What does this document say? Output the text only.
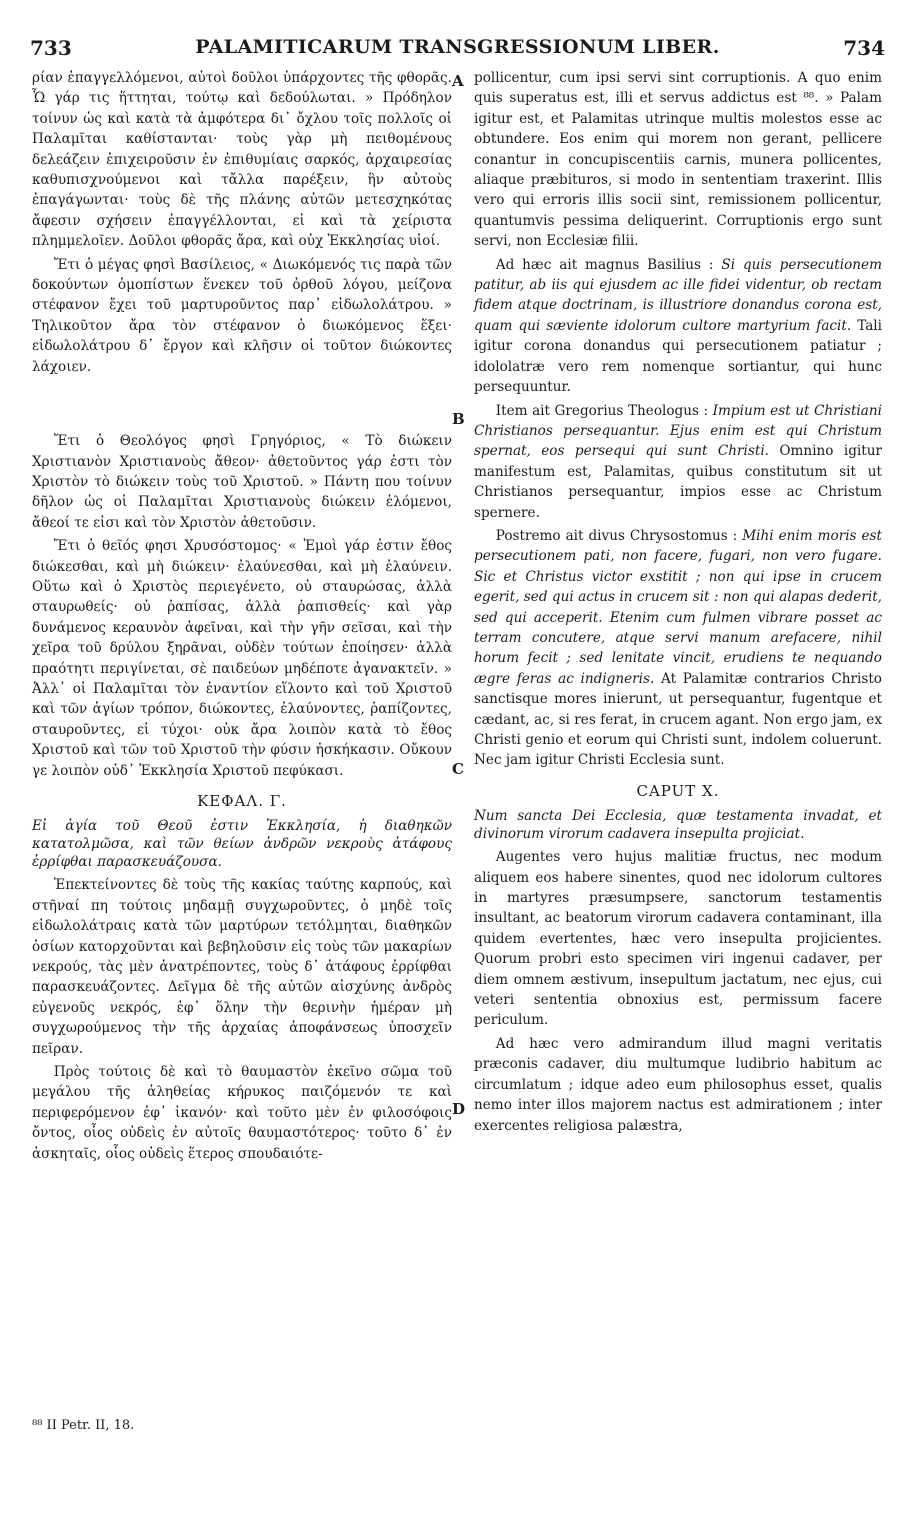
733	PALAMITICARUM TRANSGRESSIONUM LIBER.	734
A
B
C
D

ρίαν ἐπαγγελλόμενοι, αὐτοὶ δοῦλοι ὑπάρχοντες τῆς φθορᾶς. Ὧ γάρ τις ἥττηται, τούτῳ καὶ δεδούλωται. » Πρόδηλον τοίνυν ὡς καὶ κατὰ τὰ ἀμφότερα δι᾽ ὄχλου τοῖς πολλοῖς οἱ Παλαμῖται καθίστανται· τοὺς γὰρ μὴ πειθομένους δελεάζειν ἐπιχειροῦσιν ἐν ἐπιθυμίαις σαρκός, ἀρχαιρεσίας καθυπισχνούμενοι καὶ τἄλλα παρέξειν, ἣν αὐτοὺς ἐπαγάγωνται· τοὺς δὲ τῆς πλάνης αὐτῶν μετεσχηκότας ἄφεσιν σχήσειν ἐπαγγέλλονται, εἰ καὶ τὰ χείριστα πλημμελοῖεν. Δοῦλοι φθορᾶς ἄρα, καὶ οὐχ Ἐκκλησίας υἱοί.

Ἔτι ὁ μέγας φησὶ Βασίλειος, « Διωκόμενός τις παρὰ τῶν δοκούντων ὁμοπίστων ἕνεκεν τοῦ ὀρθοῦ λόγου, μείζονα στέφανον ἔχει τοῦ μαρτυροῦντος παρ᾽ εἰδωλολάτρου. » Τηλικοῦτον ἄρα τὸν στέφανον ὁ διωκόμενος ἕξει· εἰδωλολάτρου δ᾽ ἔργον καὶ κλῆσιν οἱ τοῦτον διώκοντες λάχοιεν.

Ἔτι ὁ Θεολόγος φησὶ Γρηγόριος, « Τὸ διώκειν Χριστιανὸν Χριστιανοὺς ἄθεον· ἀθετοῦντος γάρ ἐστι τὸν Χριστὸν τὸ διώκειν τοὺς τοῦ Χριστοῦ. » Πάντη που τοίνυν δῆλον ὡς οἱ Παλαμῖται Χριστιανοὺς διώκειν ἑλόμενοι, ἄθεοί τε εἰσι καὶ τὸν Χριστὸν ἀθετοῦσιν.

Ἔτι ὁ θεῖός φησι Χρυσόστομος· « Ἐμοὶ γάρ ἐστιν ἔθος διώκεσθαι, καὶ μὴ διώκειν· ἐλαύνεσθαι, καὶ μὴ ἐλαύνειν. Οὕτω καὶ ὁ Χριστὸς περιεγένετο, οὐ σταυρώσας, ἀλλὰ σταυρωθείς· οὐ ῥαπίσας, ἀλλὰ ῥαπισθείς· καὶ γὰρ δυνάμενος κεραυνὸν ἀφεῖναι, καὶ τὴν γῆν σεῖσαι, καὶ τὴν χεῖρα τοῦ δρύλου ξηρᾶναι, οὐδὲν τούτων ἐποίησεν· ἀλλὰ πραότητι περιγίνεται, σὲ παιδεύων μηδέποτε ἀγανακτεῖν. » Ἀλλ᾽ οἱ Παλαμῖται τὸν ἐναντίον εἵλοντο καὶ τοῦ Χριστοῦ καὶ τῶν ἁγίων τρόπον, διώκοντες, ἐλαύνοντες, ῥαπίζοντες, σταυροῦντες, εἰ τύχοι· οὐκ ἄρα λοιπὸν κατὰ τὸ ἔθος Χριστοῦ καὶ τῶν τοῦ Χριστοῦ τὴν φύσιν ἠσκήκασιν. Οὔκουν γε λοιπὸν οὐδ᾽ Ἐκκλησία Χριστοῦ πεφύκασι.

ΚΕΦΑΛ. Γ.

Εἰ ἁγία τοῦ Θεοῦ ἐστιν Ἐκκλησία, ἡ διαθηκῶν κατατολμῶσα, καὶ τῶν θείων ἀνδρῶν νεκροὺς ἀτάφους ἐρρίφθαι παρασκευάζουσα.

Ἐπεκτείνοντες δὲ τοὺς τῆς κακίας ταύτης καρπούς, καὶ στῆναί πη τούτοις μηδαμῇ συγχωροῦντες, ὁ μηδὲ τοῖς εἰδωλολάτραις κατὰ τῶν μαρτύρων τετόλμηται, διαθηκῶν ὁσίων κατορχοῦνται καὶ βεβηλοῦσιν εἰς τοὺς τῶν μακαρίων νεκρούς, τὰς μὲν ἀνατρέποντες, τοὺς δ᾽ ἀτάφους ἐρρίφθαι παρασκευάζοντες. Δεῖγμα δὲ τῆς αὐτῶν αἰσχύνης ἀνδρὸς εὐγενοῦς νεκρός, ἐφ᾽ ὅλην τὴν θερινὴν ἡμέραν μὴ συγχωρούμενος τὴν τῆς ἀρχαίας ἀποφάνσεως ὑποσχεῖν πεῖραν.

Πρὸς τούτοις δὲ καὶ τὸ θαυμαστὸν ἐκεῖνο σῶμα τοῦ μεγάλου τῆς ἀληθείας κήρυκος παιζόμενόν τε καὶ περιφερόμενον ἐφ᾽ ἱκανόν· καὶ τοῦτο μὲν ἐν φιλοσόφοις ὄντος, οἷος οὐδεὶς ἐν αὐτοῖς θαυμαστότερος· τοῦτο δ᾽ ἐν ἀσκηταῖς, οἷος οὐδεὶς ἕτερος σπουδαιότε-

pollicentur, cum ipsi servi sint corruptionis. A quo enim quis superatus est, illi et servus addictus est ⁸⁸. » Palam igitur est, et Palamitas utrinque multis molestos esse ac obtundere. Eos enim qui morem non gerant, pellicere conantur in concupiscentiis carnis, munera pollicentes, aliaque præbituros, si modo in sententiam traxerint. Illis vero qui erroris illis socii sint, remissionem pollicentur, quantumvis pessima deliquerint. Corruptionis ergo sunt servi, non Ecclesiæ filii.

Ad hæc ait magnus Basilius : Si quis persecutionem patitur, ab iis qui ejusdem ac ille fidei videntur, ob rectam fidem atque doctrinam, is illustriore donandus corona est, quam qui sæviente idolorum cultore martyrium facit. Tali igitur corona donandus qui persecutionem patiatur ; idololatræ vero rem nomenque sortiantur, qui hunc persequuntur.

Item ait Gregorius Theologus : Impium est ut Christiani Christianos persequantur. Ejus enim est qui Christum spernat, eos persequi qui sunt Christi. Omnino igitur manifestum est, Palamitas, quibus constitutum sit ut Christianos persequantur, impios esse ac Christum spernere.

Postremo ait divus Chrysostomus : Mihi enim moris est persecutionem pati, non facere, fugari, non vero fugare. Sic et Christus victor exstitit ; non qui ipse in crucem egerit, sed qui actus in crucem sit : non qui alapas dederit, sed qui acceperit. Etenim cum fulmen vibrare posset ac terram concutere, atque servi manum arefacere, nihil horum fecit ; sed lenitate vincit, erudiens te nequando ægre feras ac indigneris. At Palamitæ contrarios Christo sanctisque mores inierunt, ut persequantur, fugentque et cædant, ac, si res ferat, in crucem agant. Non ergo jam, ex Christi genio et eorum qui Christi sunt, indolem coluerunt. Nec jam igitur Christi Ecclesia sunt.

CAPUT X.

Num sancta Dei Ecclesia, quæ testamenta invadat, et divinorum virorum cadavera insepulta projiciat.

Augentes vero hujus malitiæ fructus, nec modum aliquem eos habere sinentes, quod nec idolorum cultores in martyres præsumpsere, sanctorum testamentis insultant, ac beatorum virorum cadavera contaminant, illa quidem evertentes, hæc vero insepulta projicientes. Quorum probri esto specimen viri ingenui cadaver, per diem omnem æstivum, insepultum jactatum, nec ejus, cui veteri sententia obnoxius est, permissum facere periculum.

Ad hæc vero admirandum illud magni veritatis præconis cadaver, diu multumque ludibrio habitum ac circumlatum ; idque adeo eum philosophus esset, qualis nemo inter illos majorem nactus est admirationem ; inter exercentes religiosa palæstra,

⁸⁸ II Petr. II, 18.
